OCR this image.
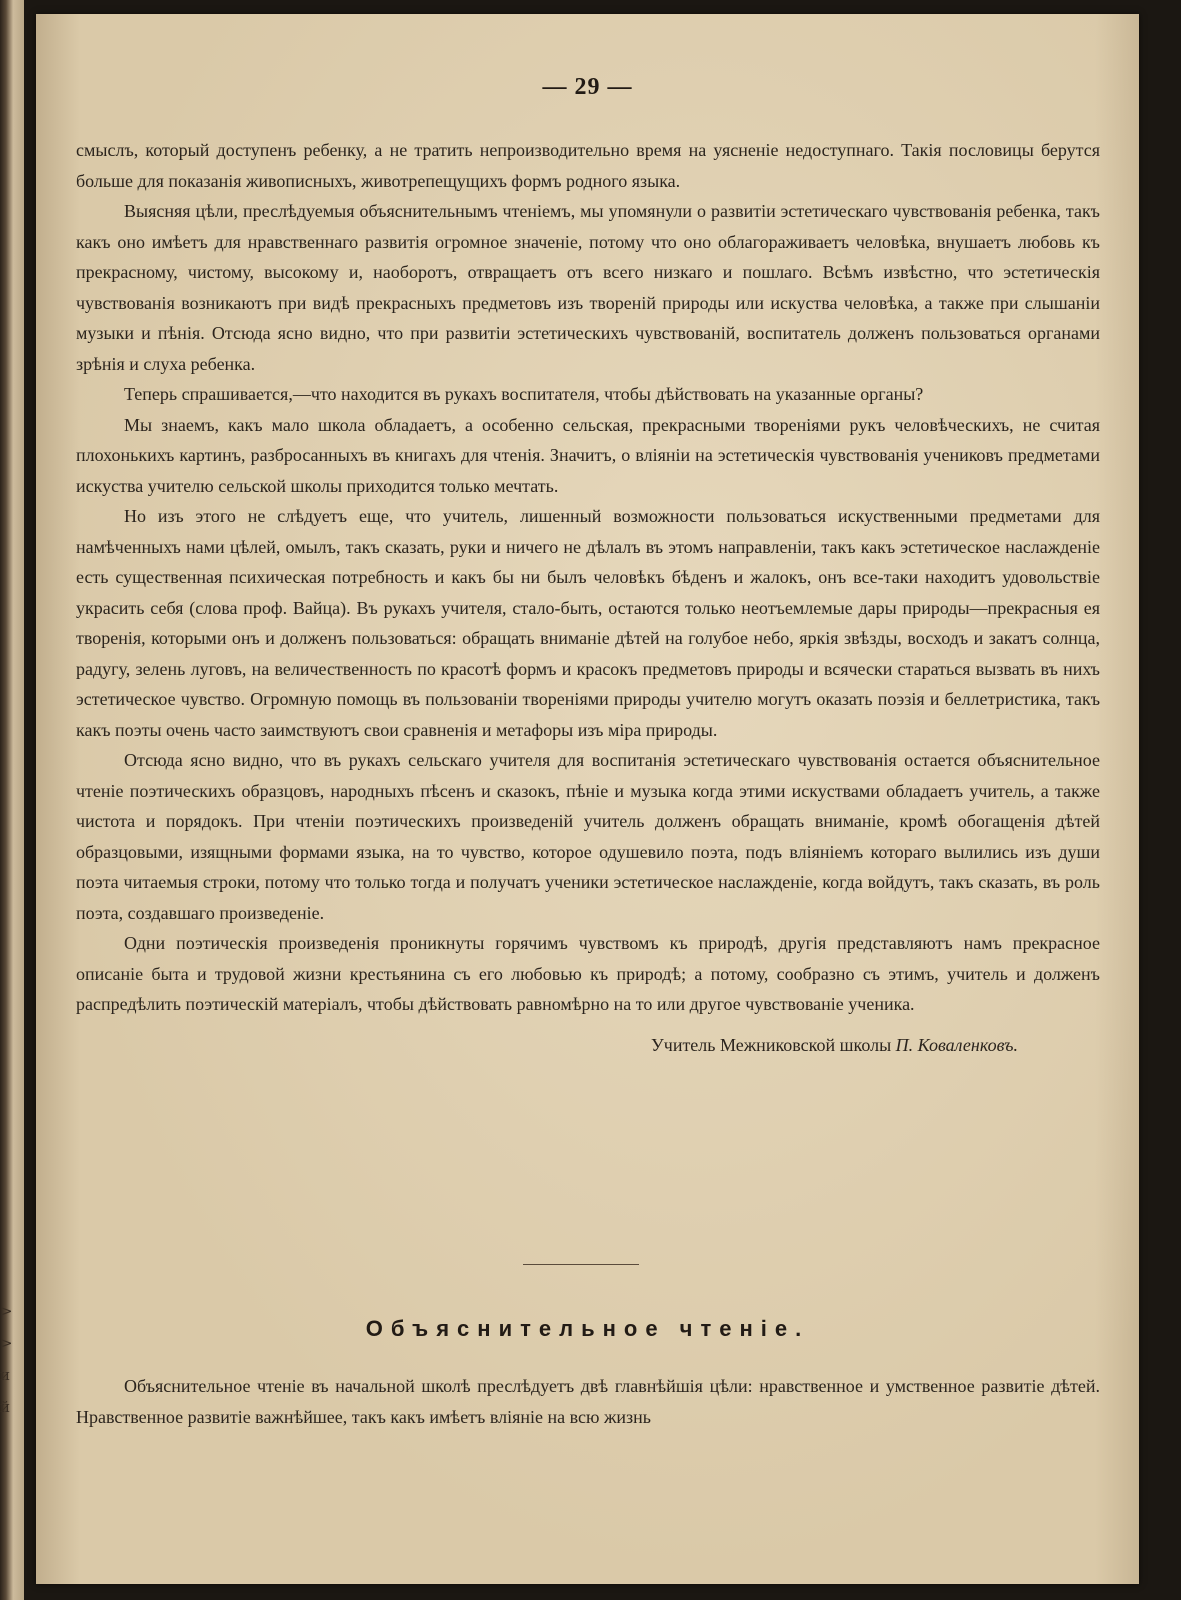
>
>
и
й
— 29 —

смыслъ, который доступенъ ребенку, а не тратить непроизводительно время на уясненіе недоступнаго. Такія пословицы берутся больше для показанія живописныхъ, животрепещущихъ формъ родного языка.

Выясняя цѣли, преслѣдуемыя объяснительнымъ чтеніемъ, мы упомянули о развитіи эстетическаго чувствованія ребенка, такъ какъ оно имѣетъ для нравственнаго развитія огромное значеніе, потому что оно облагораживаетъ человѣка, внушаетъ любовь къ прекрасному, чистому, высокому и, наоборотъ, отвращаетъ отъ всего низкаго и пошлаго. Всѣмъ извѣстно, что эстетическія чувствованія возникаютъ при видѣ прекрасныхъ предметовъ изъ твореній природы или искуства человѣка, а также при слышаніи музыки и пѣнія. Отсюда ясно видно, что при развитіи эстетическихъ чувствованій, воспитатель долженъ пользоваться органами зрѣнія и слуха ребенка.

Теперь спрашивается,—что находится въ рукахъ воспитателя, чтобы дѣйствовать на указанные органы?

Мы знаемъ, какъ мало школа обладаетъ, а особенно сельская, прекрасными твореніями рукъ человѣческихъ, не считая плохонькихъ картинъ, разбросанныхъ въ книгахъ для чтенія. Значитъ, о вліяніи на эстетическія чувствованія учениковъ предметами искуства учителю сельской школы приходится только мечтать.

Но изъ этого не слѣдуетъ еще, что учитель, лишенный возможности пользоваться искуственными предметами для намѣченныхъ нами цѣлей, омылъ, такъ сказать, руки и ничего не дѣлалъ въ этомъ направленіи, такъ какъ эстетическое наслажденіе есть существенная психическая потребность и какъ бы ни былъ человѣкъ бѣденъ и жалокъ, онъ все-таки находитъ удовольствіе украсить себя (слова проф. Вайца). Въ рукахъ учителя, стало-быть, остаются только неотъемлемые дары природы—прекрасныя ея творенія, которыми онъ и долженъ пользоваться: обращать вниманіе дѣтей на голубое небо, яркія звѣзды, восходъ и закатъ солнца, радугу, зелень луговъ, на величественность по красотѣ формъ и красокъ предметовъ природы и всячески стараться вызвать въ нихъ эстетическое чувство. Огромную помощь въ пользованіи твореніями природы учителю могутъ оказать поэзія и беллетристика, такъ какъ поэты очень часто заимствуютъ свои сравненія и метафоры изъ міра природы.

Отсюда ясно видно, что въ рукахъ сельскаго учителя для воспитанія эстетическаго чувствованія остается объяснительное чтеніе поэтическихъ образцовъ, народныхъ пѣсенъ и сказокъ, пѣніе и музыка когда этими искуствами обладаетъ учитель, а также чистота и порядокъ. При чтеніи поэтическихъ произведеній учитель долженъ обращать вниманіе, кромѣ обогащенія дѣтей образцовыми, изящными формами языка, на то чувство, которое одушевило поэта, подъ вліяніемъ котораго вылились изъ души поэта читаемыя строки, потому что только тогда и получатъ ученики эстетическое наслажденіе, когда войдутъ, такъ сказать, въ роль поэта, создавшаго произведеніе.

Одни поэтическія произведенія проникнуты горячимъ чувствомъ къ природѣ, другія представляютъ намъ прекрасное описаніе быта и трудовой жизни крестьянина съ его любовью къ природѣ; а потому, сообразно съ этимъ, учитель и долженъ распредѣлить поэтическій матеріалъ, чтобы дѣйствовать равномѣрно на то или другое чувствованіе ученика.

Учитель Межниковской школы П. Коваленковъ.
Объяснительное чтеніе.

Объяснительное чтеніе въ начальной школѣ преслѣдуетъ двѣ главнѣйшія цѣли: нравственное и умственное развитіе дѣтей. Нравственное развитіе важнѣйшее, такъ какъ имѣетъ вліяніе на всю жизнь
